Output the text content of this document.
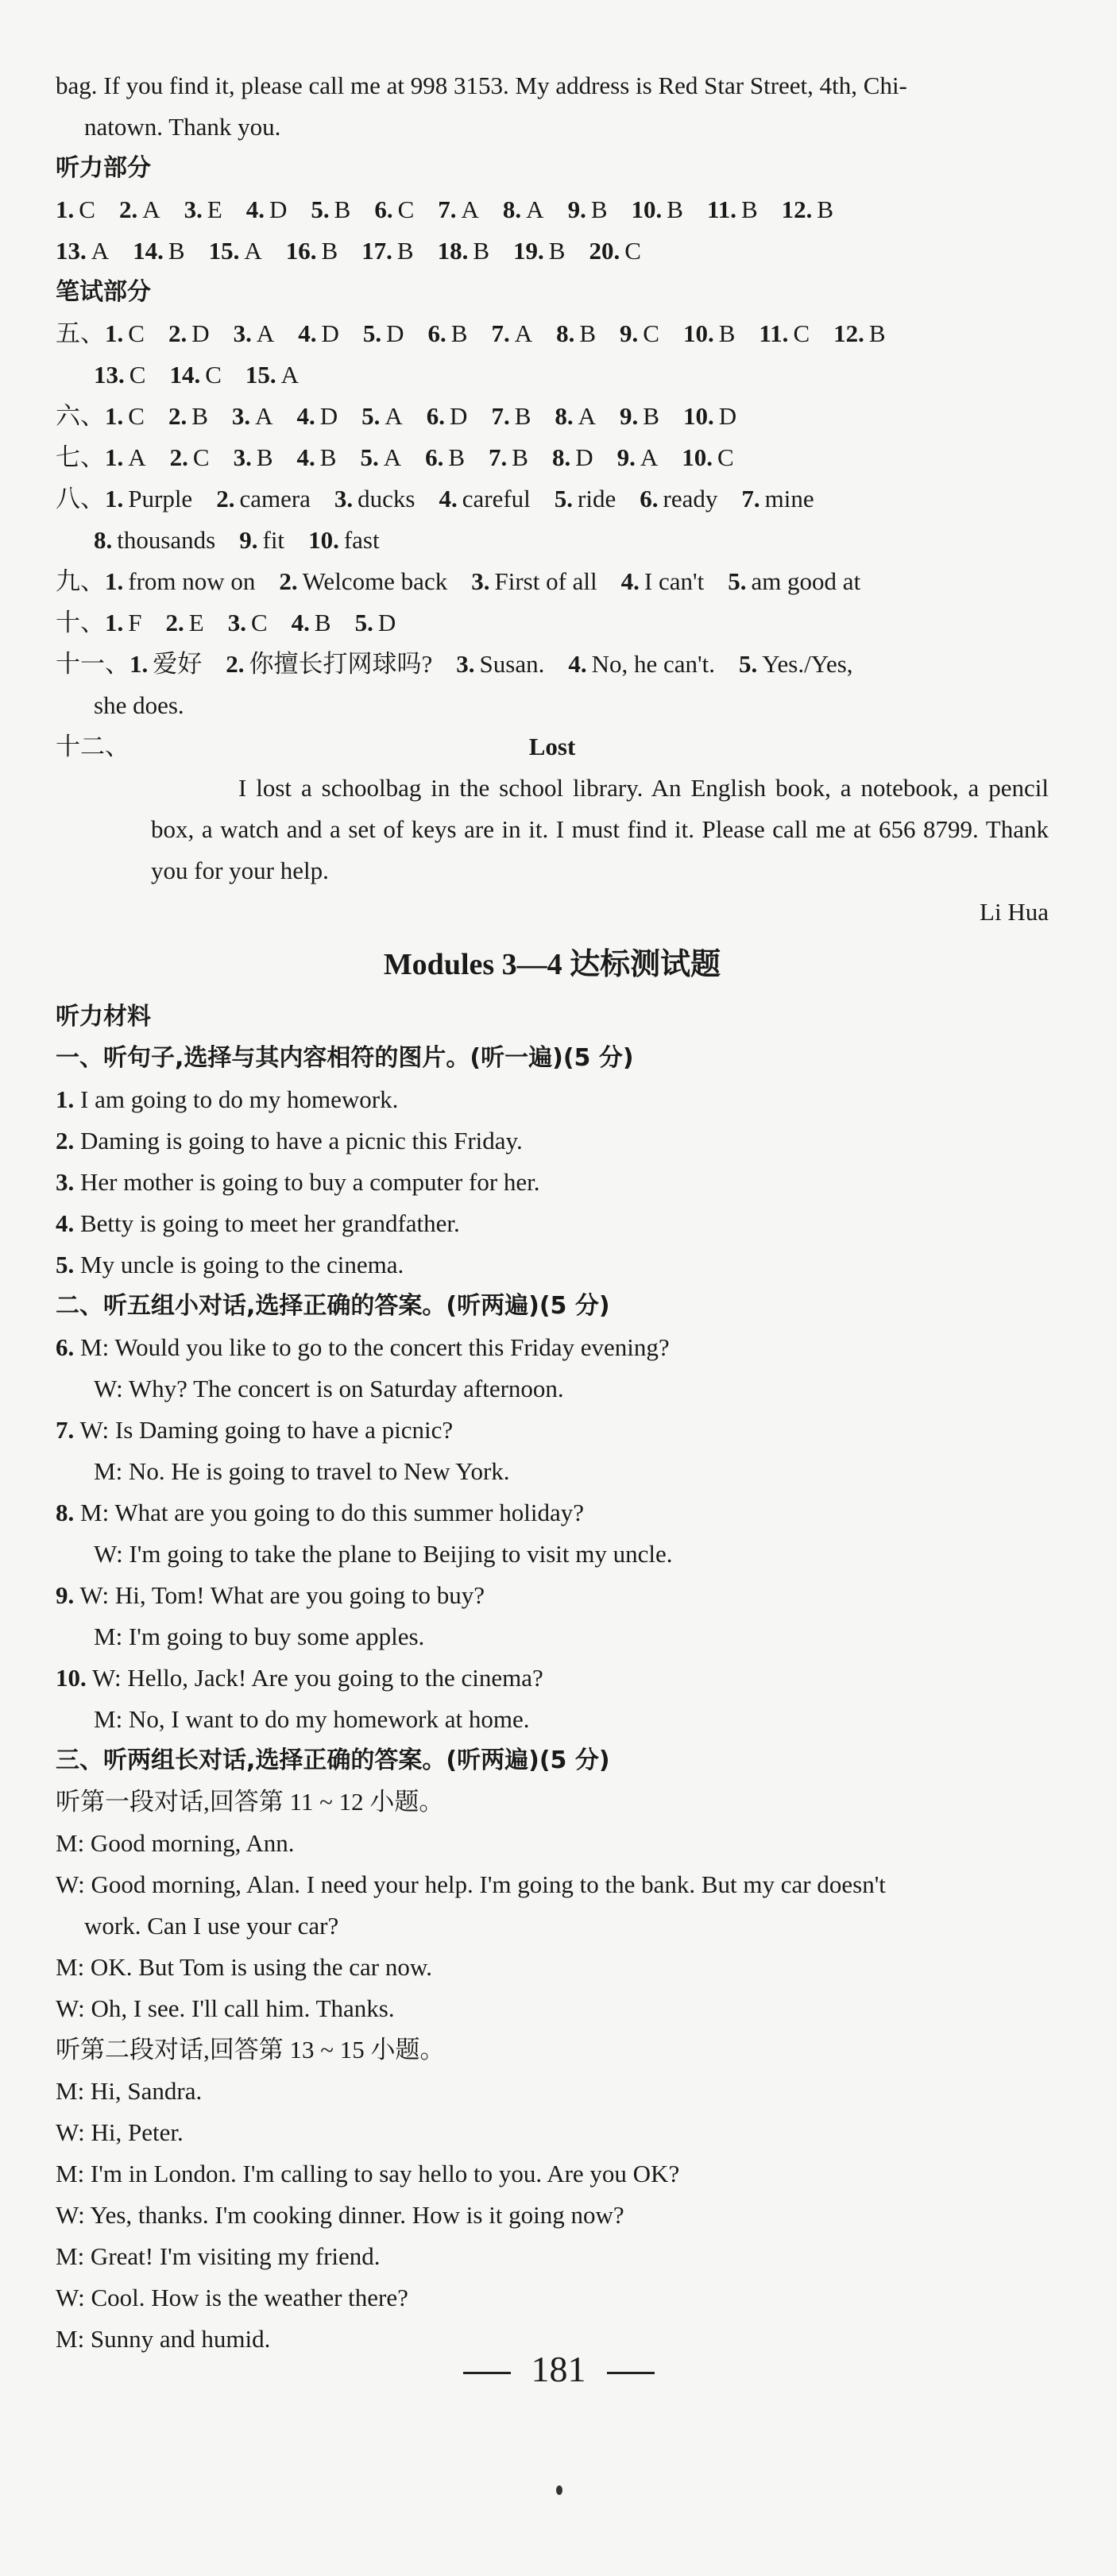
bag. If you find it, please call me at 998 3153. My address is Red Star Street, 4th, Chi-
natown. Thank you.
听力部分
1. C 2. A 3. E 4. D 5. B 6. C 7. A 8. A 9. B 10. B 11. B 12. B
13. A 14. B 15. A 16. B 17. B 18. B 19. B 20. C
笔试部分
五、1. C 2. D 3. A 4. D 5. D 6. B 7. A 8. B 9. C 10. B 11. C 12. B
13. C 14. C 15. A
六、1. C 2. B 3. A 4. D 5. A 6. D 7. B 8. A 9. B 10. D
七、1. A 2. C 3. B 4. B 5. A 6. B 7. B 8. D 9. A 10. C
八、1. Purple 2. camera 3. ducks 4. careful 5. ride 6. ready 7. mine
8. thousands 9. fit 10. fast
九、1. from now on 2. Welcome back 3. First of all 4. I can't 5. am good at
十、1. F 2. E 3. C 4. B 5. D
十一、1. 爱好 2. 你擅长打网球吗? 3. Susan. 4. No, he can't. 5. Yes./Yes,
she does.
十二、	Lost
I lost a schoolbag in the school library. An English book, a notebook, a pencil box, a watch and a set of keys are in it. I must find it. Please call me at 656 8799. Thank you for your help.
Li Hua
Modules 3—4 达标测试题
听力材料
一、听句子,选择与其内容相符的图片。(听一遍)(5 分)
1. I am going to do my homework.
2. Daming is going to have a picnic this Friday.
3. Her mother is going to buy a computer for her.
4. Betty is going to meet her grandfather.
5. My uncle is going to the cinema.
二、听五组小对话,选择正确的答案。(听两遍)(5 分)
6. M: Would you like to go to the concert this Friday evening?
W: Why? The concert is on Saturday afternoon.
7. W: Is Daming going to have a picnic?
M: No. He is going to travel to New York.
8. M: What are you going to do this summer holiday?
W: I'm going to take the plane to Beijing to visit my uncle.
9. W: Hi, Tom! What are you going to buy?
M: I'm going to buy some apples.
10. W: Hello, Jack! Are you going to the cinema?
M: No, I want to do my homework at home.
三、听两组长对话,选择正确的答案。(听两遍)(5 分)
听第一段对话,回答第 11 ~ 12 小题。
M: Good morning, Ann.
W: Good morning, Alan. I need your help. I'm going to the bank. But my car doesn't
work. Can I use your car?
M: OK. But Tom is using the car now.
W: Oh, I see. I'll call him. Thanks.
听第二段对话,回答第 13 ~ 15 小题。
M: Hi, Sandra.
W: Hi, Peter.
M: I'm in London. I'm calling to say hello to you. Are you OK?
W: Yes, thanks. I'm cooking dinner. How is it going now?
M: Great! I'm visiting my friend.
W: Cool. How is the weather there?
M: Sunny and humid.
181
